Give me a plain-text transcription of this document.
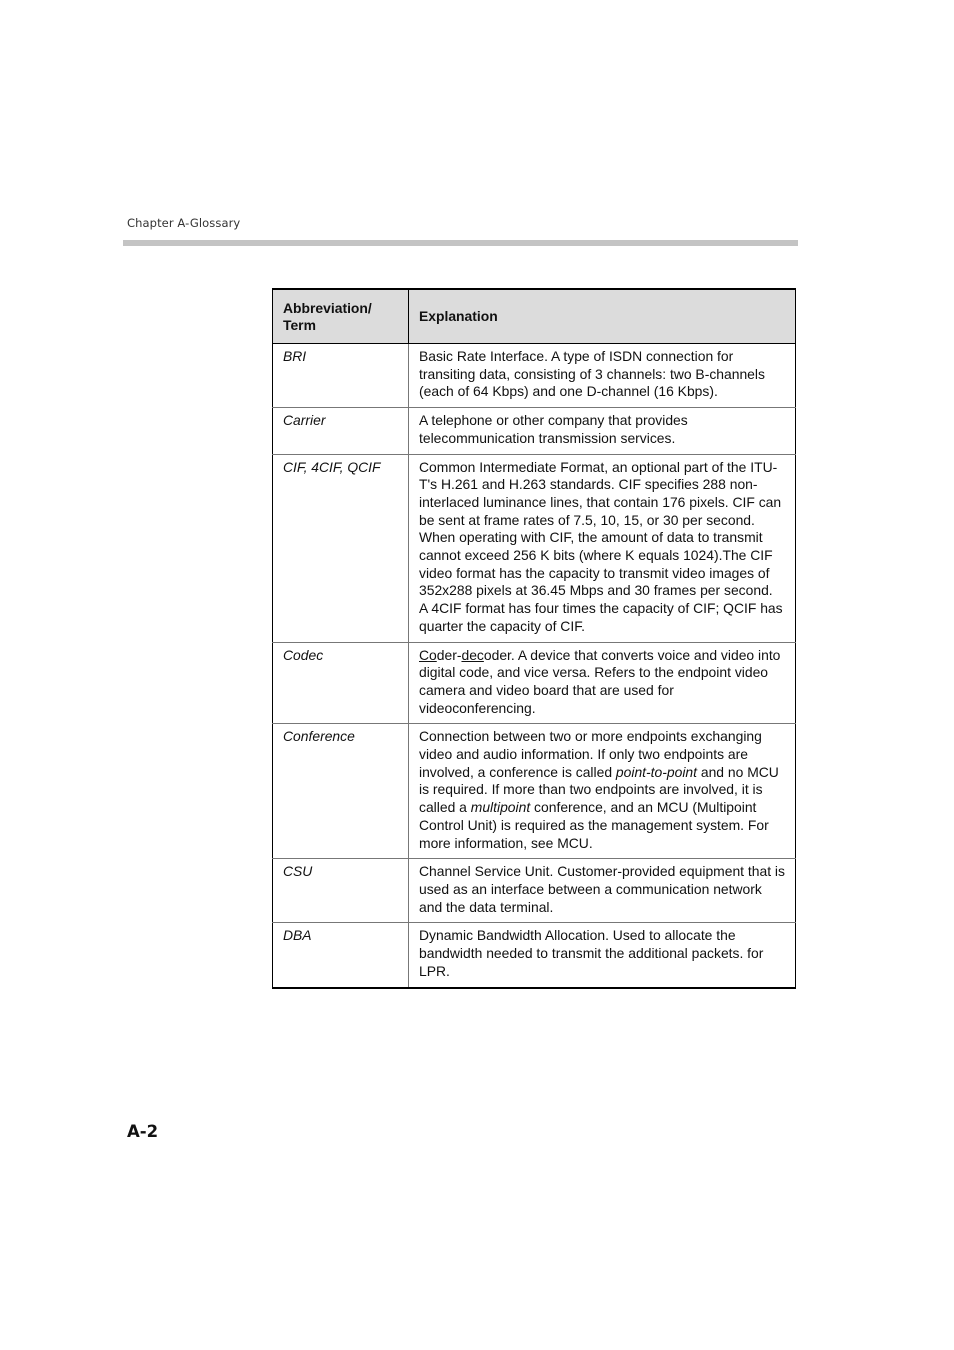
Chapter A-Glossary
Abbreviation/ Term	Explanation
BRI	Basic Rate Interface. A type of ISDN connection for transiting data, consisting of 3 channels: two B-channels (each of 64 Kbps) and one D-channel (16 Kbps).
Carrier	A telephone or other company that provides telecommunication transmission services.
CIF, 4CIF, QCIF	Common Intermediate Format, an optional part of the ITU-T's H.261 and H.263 standards. CIF specifies 288 non-interlaced luminance lines, that contain 176 pixels. CIF can be sent at frame rates of 7.5, 10, 15, or 30 per second. When operating with CIF, the amount of data to transmit cannot exceed 256 K bits (where K equals 1024).The CIF video format has the capacity to transmit video images of 352x288 pixels at 36.45 Mbps and 30 frames per second. A 4CIF format has four times the capacity of CIF; QCIF has quarter the capacity of CIF.
Codec	Coder-decoder. A device that converts voice and video into digital code, and vice versa. Refers to the endpoint video camera and video board that are used for videoconferencing.
Conference	Connection between two or more endpoints exchanging video and audio information. If only two endpoints are involved, a conference is called point-to-point and no MCU is required. If more than two endpoints are involved, it is called a multipoint conference, and an MCU (Multipoint Control Unit) is required as the management system. For more information, see MCU.
CSU	Channel Service Unit. Customer-provided equipment that is used as an interface between a communication network and the data terminal.
DBA	Dynamic Bandwidth Allocation. Used to allocate the bandwidth needed to transmit the additional packets. for LPR.
A-2
